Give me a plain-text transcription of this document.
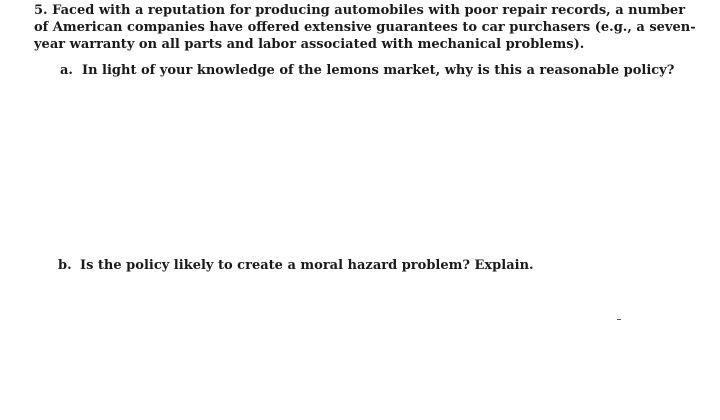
5. Faced with a reputation for producing automobiles with poor repair records, a number
of American companies have offered extensive guarantees to car purchasers (e.g., a seven-
year warranty on all parts and labor associated with mechanical problems).
a. In light of your knowledge of the lemons market, why is this a reasonable policy?
b. Is the policy likely to create a moral hazard problem? Explain.
